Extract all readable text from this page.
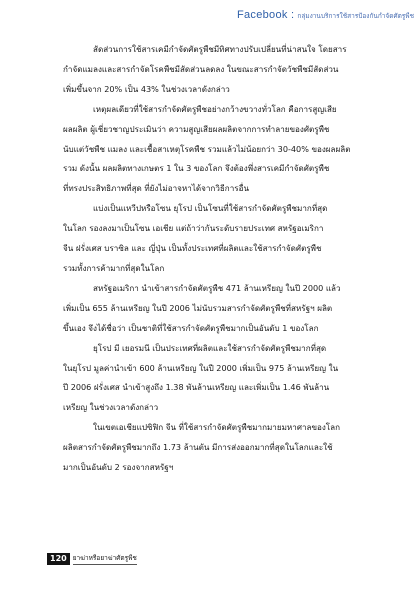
Facebook : กลุ่มงานบริการใช้สารป้องกันกำจัดศัตรูพืช

สัดส่วนการใช้สารเคมีกำจัดศัตรูพืชมีทิศทางปรับเปลี่ยนที่น่าสนใจ โดยสาร
กำจัดแมลงและสารกำจัดโรคพืชมีสัดส่วนลดลง ในขณะสารกำจัดวัชพืชมีสัดส่วน
เพิ่มขึ้นจาก 20% เป็น 43% ในช่วงเวลาดังกล่าว

เหตุผลเดียวที่ใช้สารกำจัดศัตรูพืชอย่างกว้างขวางทั่วโลก คือการสูญเสีย
ผลผลิต ผู้เชี่ยวชาญประเมินว่า ความสูญเสียผลผลิตจากการทำลายของศัตรูพืช
นับแต่วัชพืช แมลง และเชื้อสาเหตุโรคพืช รวมแล้วไม่น้อยกว่า 30-40% ของผลผลิต
รวม ดังนั้น ผลผลิตทางเกษตร 1 ใน 3 ของโลก จึงต้องพึ่งสารเคมีกำจัดศัตรูพืช
ที่ทรงประสิทธิภาพที่สุด ที่ยังไม่อาจหาได้จากวิธีการอื่น

แบ่งเป็นแหวีปหรือโซน ยุโรป เป็นโซนที่ใช้สารกำจัดศัตรูพืชมากที่สุด
ในโลก รองลงมาเป็นโซน เอเชีย แต่ถ้าว่ากันระดับรายประเทศ สหรัฐอเมริกา
จีน ฝรั่งเศส บราซิล และ ญี่ปุ่น เป็นทั้งประเทศที่ผลิตและใช้สารกำจัดศัตรูพืช
รวมทั้งการค้ามากที่สุดในโลก

สหรัฐอเมริกา นำเข้าสารกำจัดศัตรูพืช 471 ล้านเหรียญ ในปี 2000 แล้ว
เพิ่มเป็น 655 ล้านเหรียญ ในปี 2006 ไม่นับรวมสารกำจัดศัตรูพืชที่สหรัฐฯ ผลิต
ขึ้นเอง จึงได้ชื่อว่า เป็นชาติที่ใช้สารกำจัดศัตรูพืชมากเป็นอันดับ 1 ของโลก

ยุโรป มี เยอรมนี เป็นประเทศที่ผลิตและใช้สารกำจัดศัตรูพืชมากที่สุด
ในยุโรป มูลค่านำเข้า 600 ล้านเหรียญ ในปี 2000 เพิ่มเป็น 975 ล้านเหรียญ ใน
ปี 2006 ฝรั่งเศส นำเข้าสูงถึง 1.38 พันล้านเหรียญ และเพิ่มเป็น 1.46 พันล้าน
เหรียญ ในช่วงเวลาดังกล่าว

ในเขตเอเชียแปซิฟิก จีน ที่ใช้สารกำจัดศัตรูพืชมากมายมหาศาลของโลก
ผลิตสารกำจัดศัตรูพืชมากถึง 1.73 ล้านตัน มีการส่งออกมากที่สุดในโลกและใช้
มากเป็นอันดับ 2 รองจากสหรัฐฯ

120 ยาฆ่าหรือยาฆ่าศัตรูพืช
